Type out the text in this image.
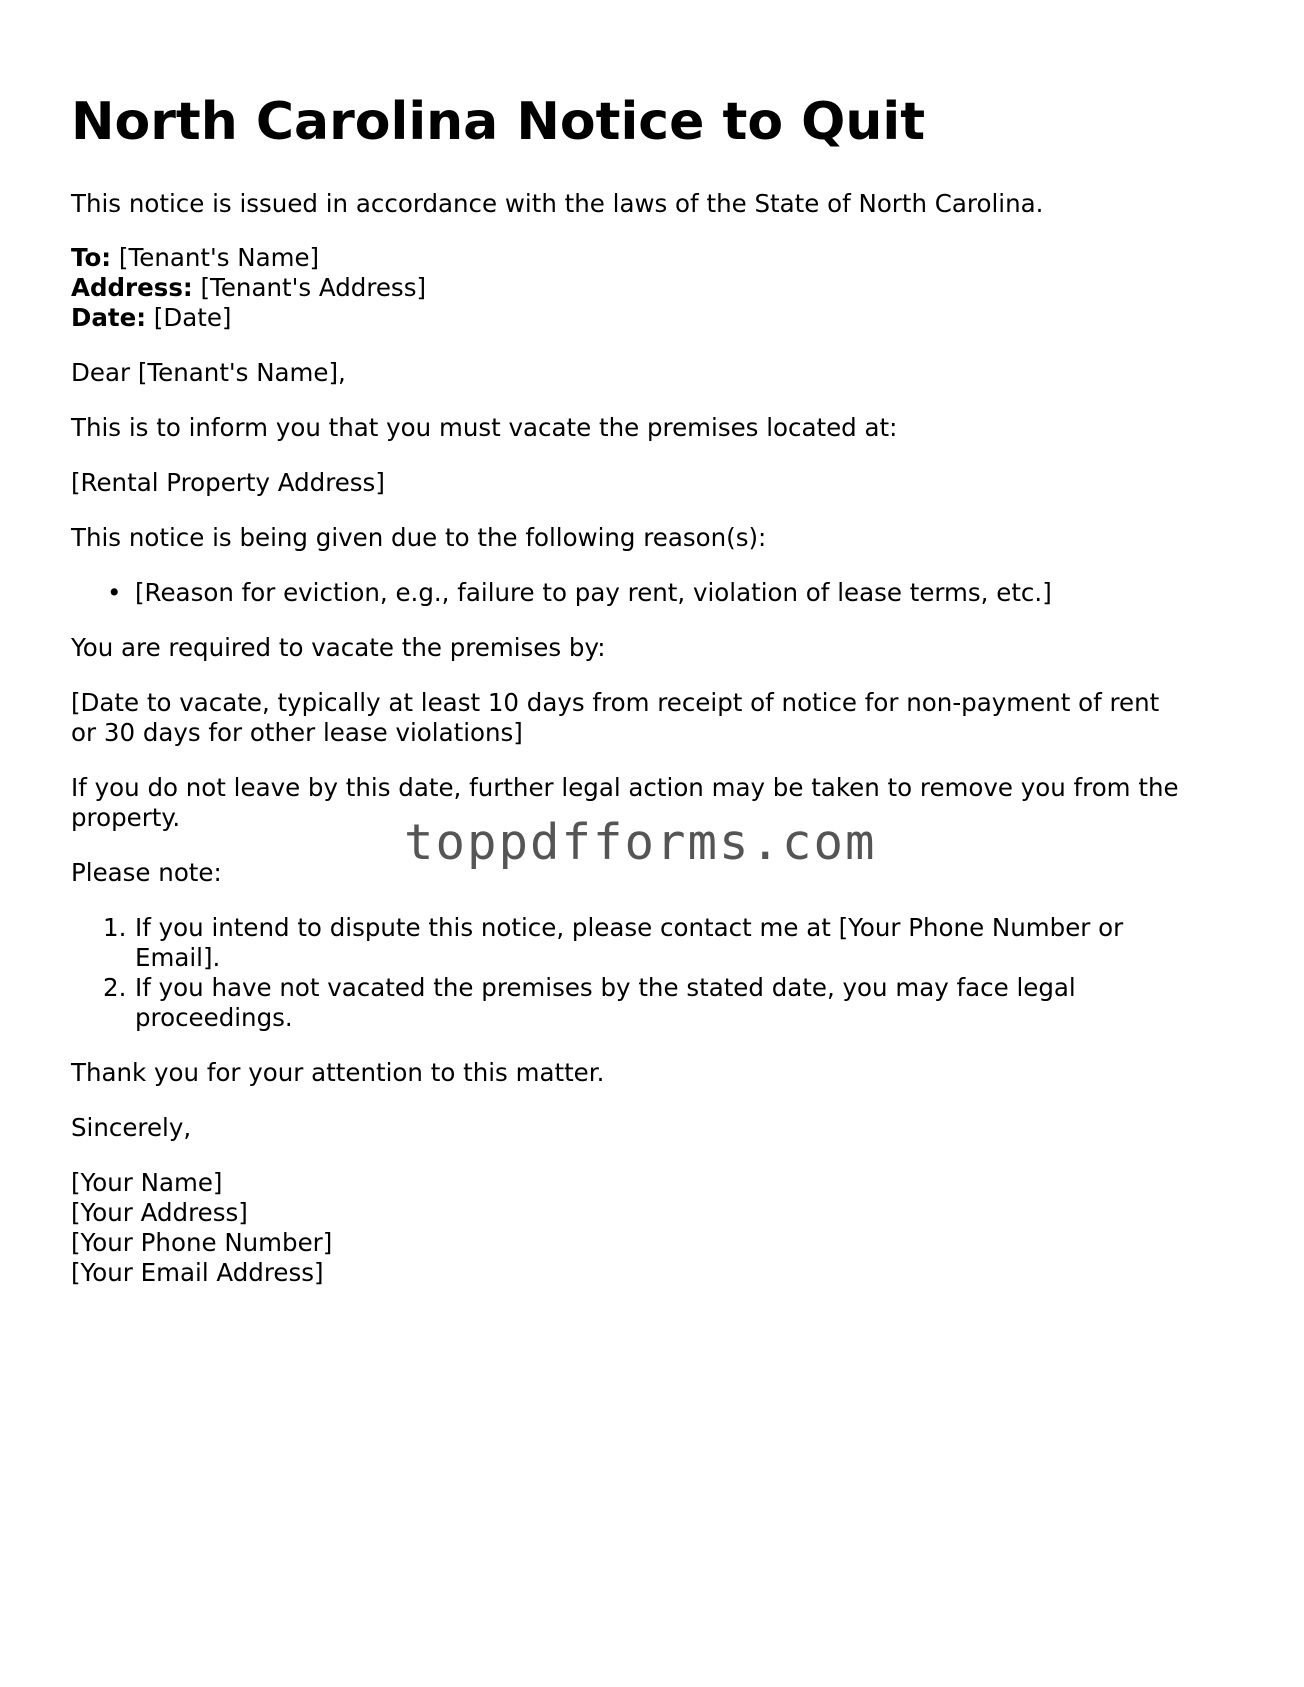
North Carolina Notice to Quit

This notice is issued in accordance with the laws of the State of North Carolina.

To: [Tenant's Name]

Address: [Tenant's Address]

Date: [Date]

Dear [Tenant's Name],

This is to inform you that you must vacate the premises located at:

[Rental Property Address]

This notice is being given due to the following reason(s):

• [Reason for eviction, e.g., failure to pay rent, violation of lease terms, etc.]

You are required to vacate the premises by:

[Date to vacate, typically at least 10 days from receipt of notice for non-payment of rent

or 30 days for other lease violations]

If you do not leave by this date, further legal action may be taken to remove you from the

property.

Please note:

1. If you intend to dispute this notice, please contact me at [Your Phone Number or
Email].
2. If you have not vacated the premises by the stated date, you may face legal
proceedings.

Thank you for your attention to this matter.

Sincerely,

[Your Name]

[Your Address]

[Your Phone Number]

[Your Email Address]

toppdfforms.com
